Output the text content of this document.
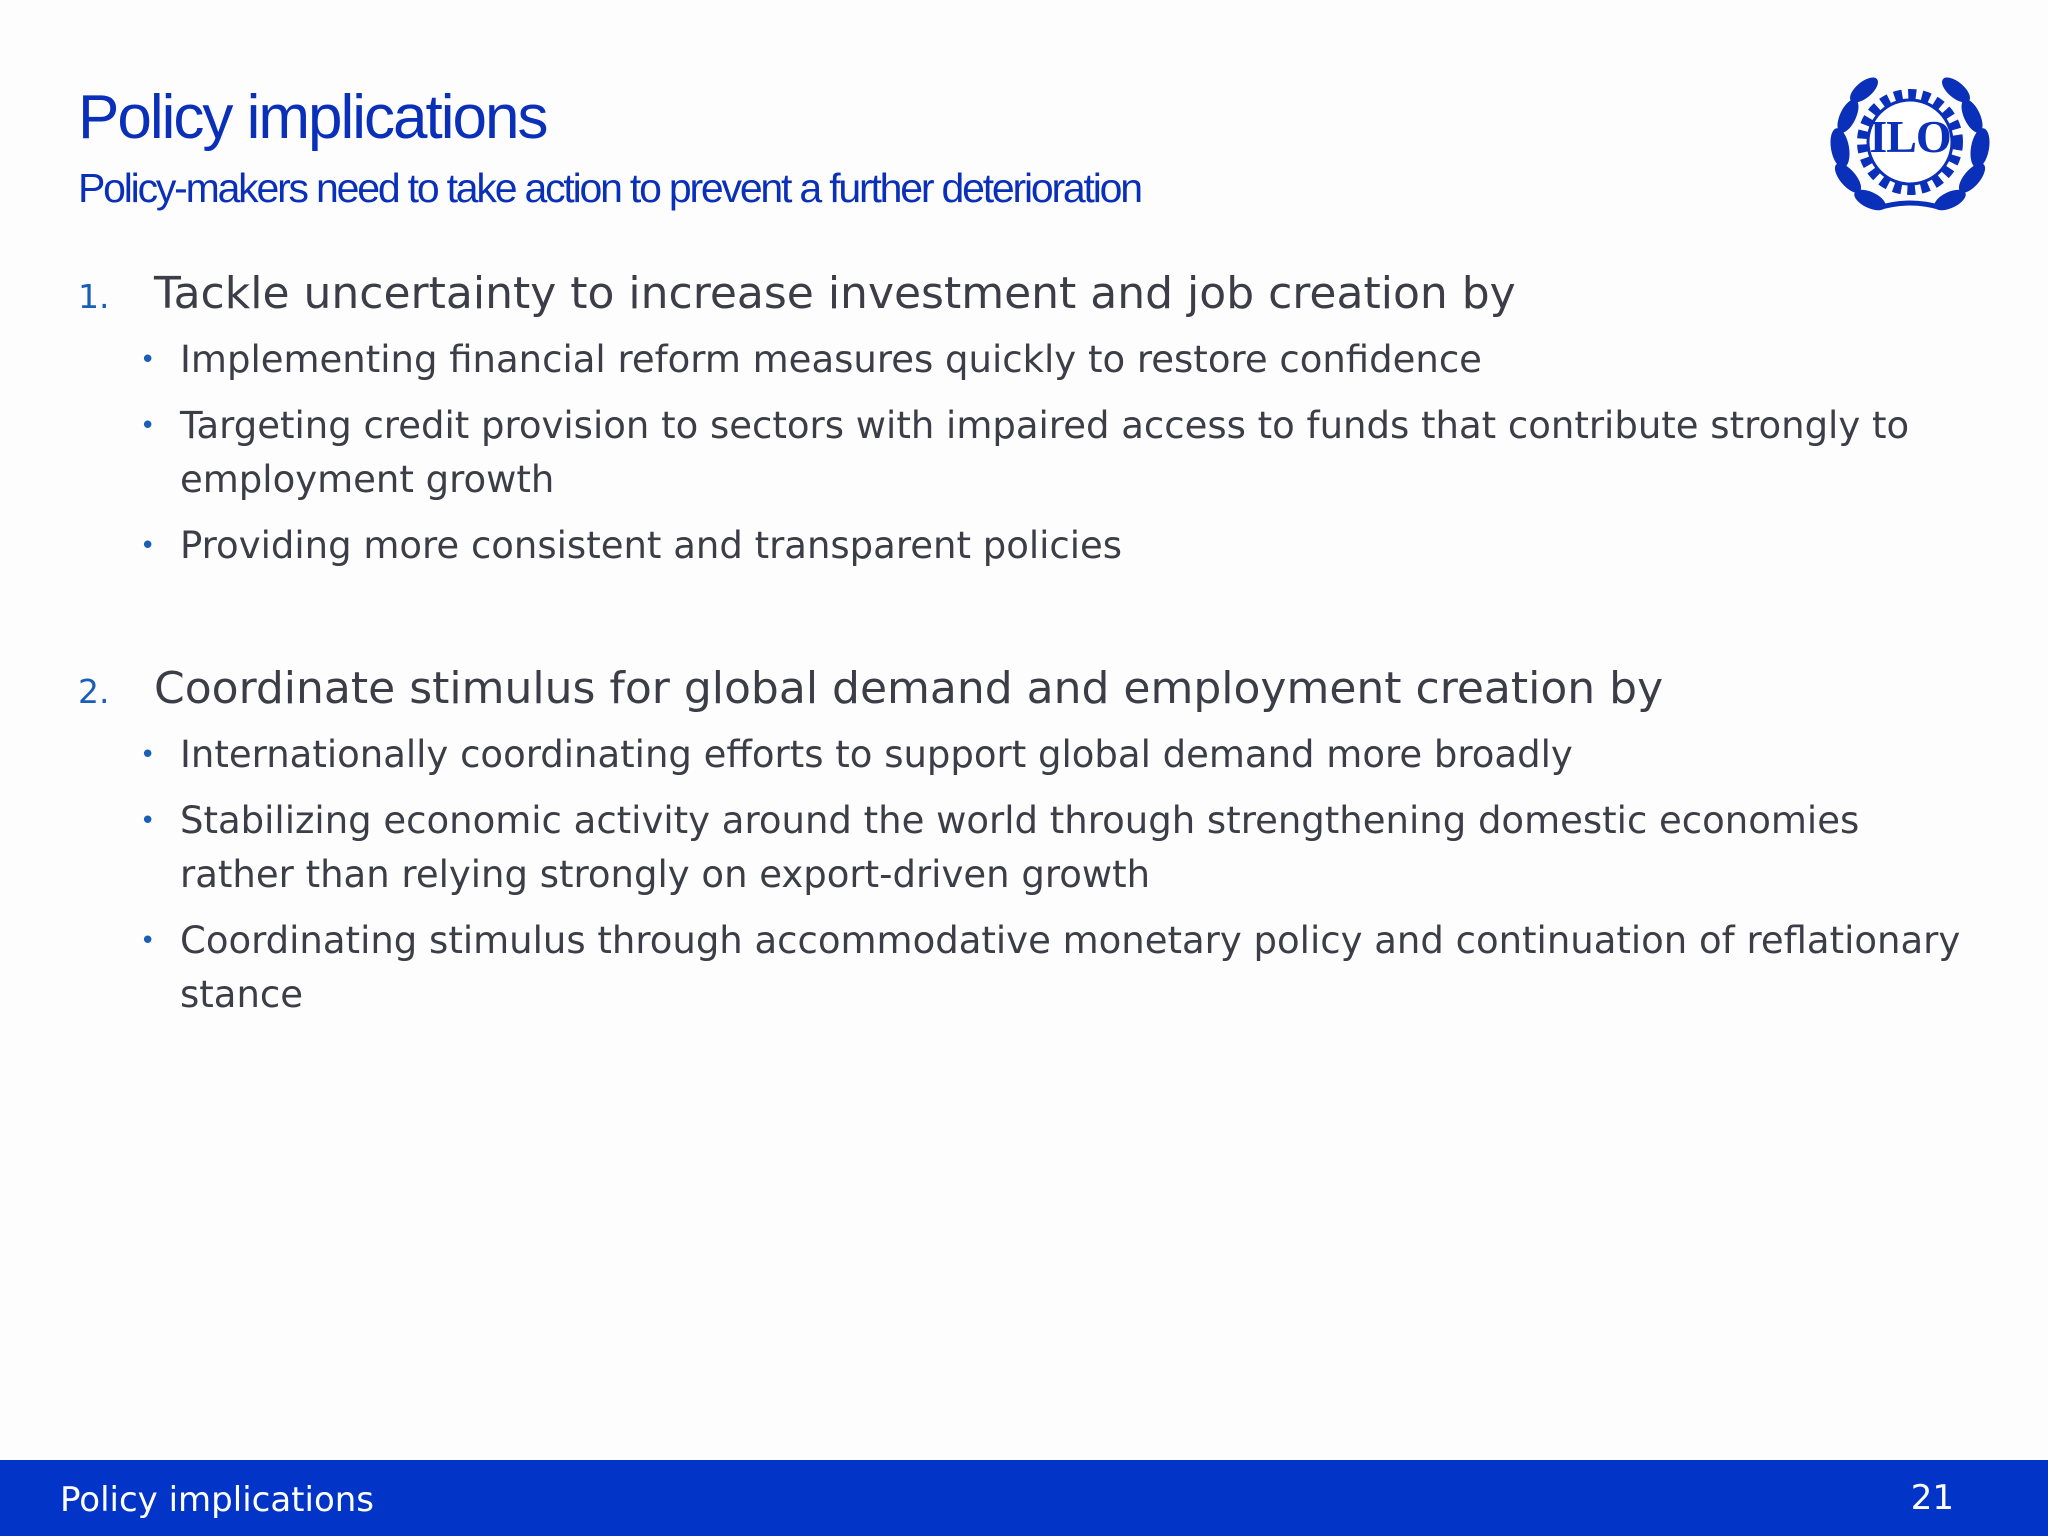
Policy implications
Policy-makers need to take action to prevent a further deterioration
ILO
1.	Tackle uncertainty to increase investment and job creation by
• Implementing financial reform measures quickly to restore confidence
• Targeting credit provision to sectors with impaired access to funds that contribute strongly to employment growth
• Providing more consistent and transparent policies
2.	Coordinate stimulus for global demand and employment creation by
• Internationally coordinating efforts to support global demand more broadly
• Stabilizing economic activity around the world through strengthening domestic economies rather than relying strongly on export-driven growth
• Coordinating stimulus through accommodative monetary policy and continuation of reflationary stance
Policy implications	21
